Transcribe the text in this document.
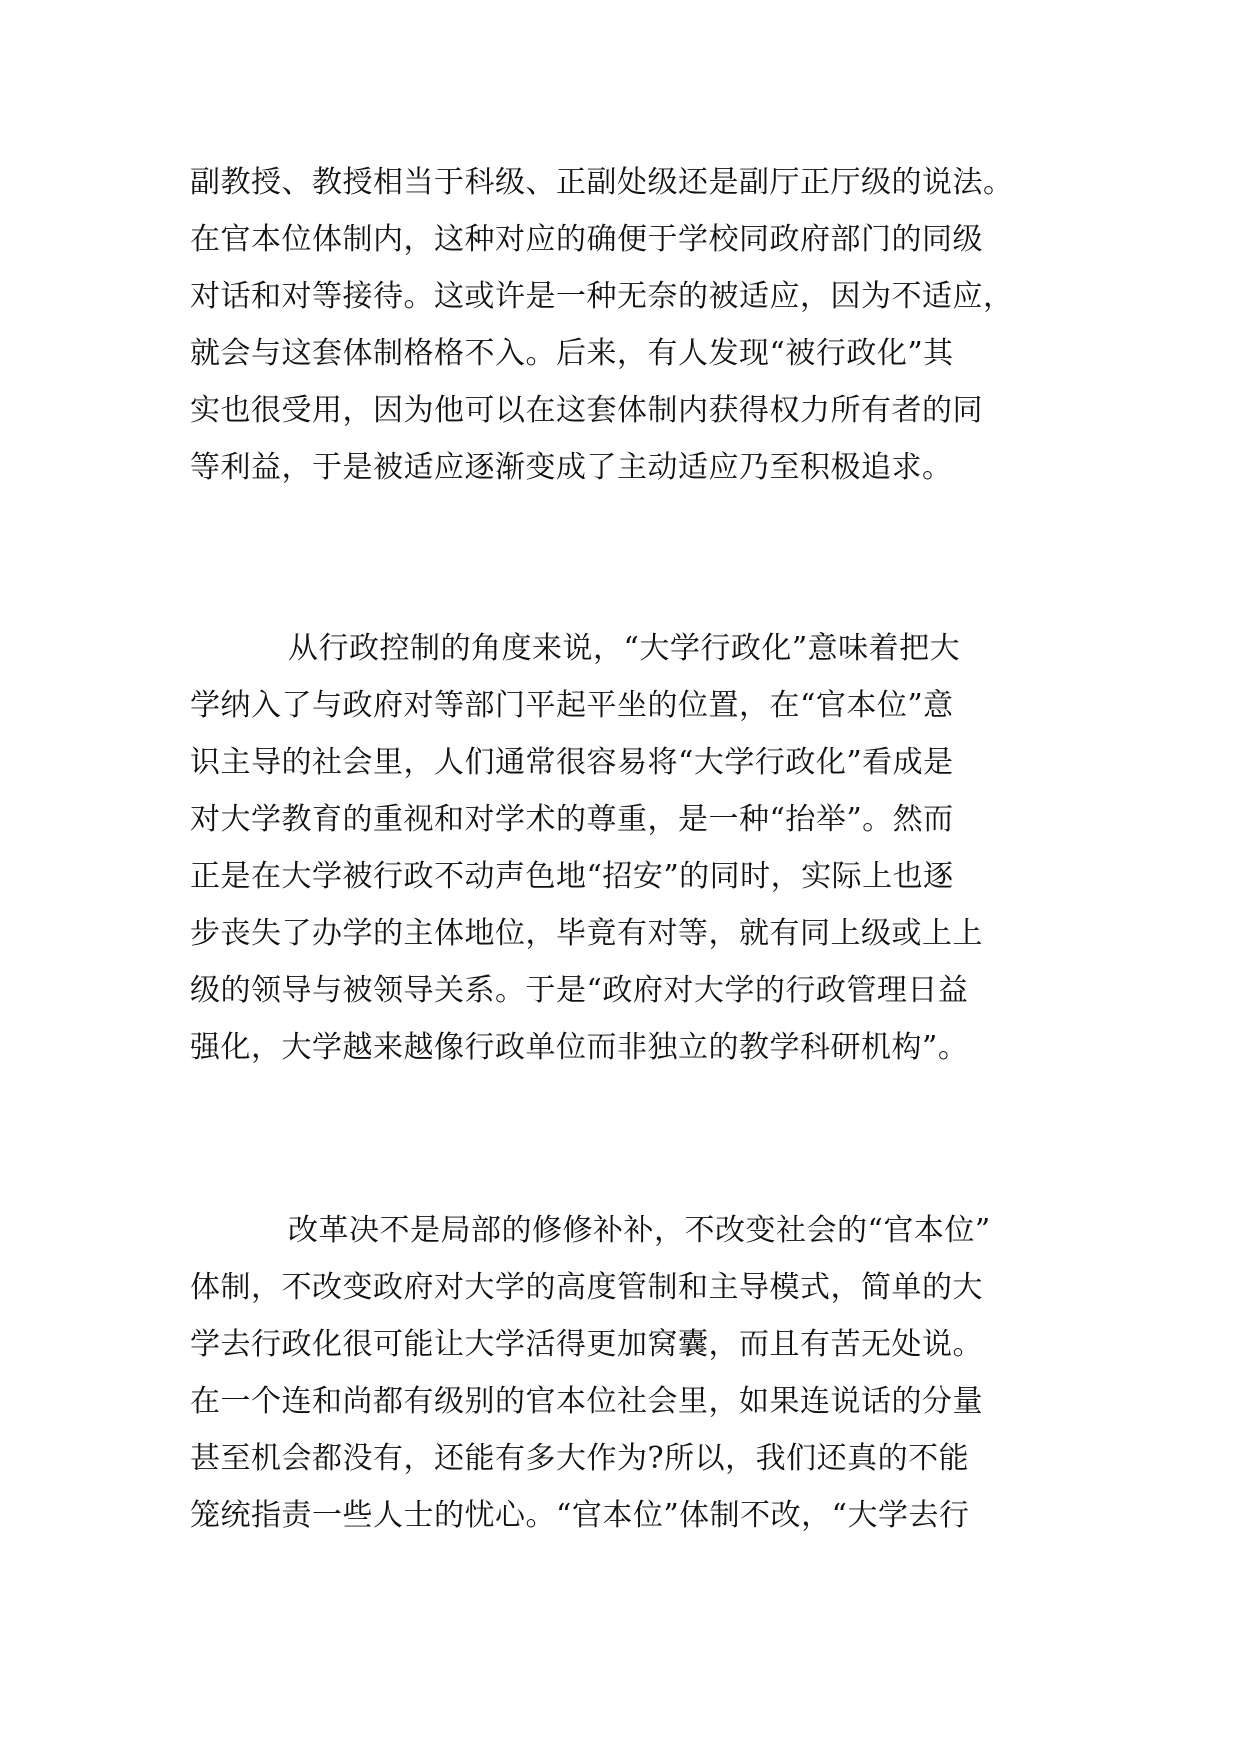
副教授、教授相当于科级、正副处级还是副厅正厅级的说法。
在官本位体制内，这种对应的确便于学校同政府部门的同级
对话和对等接待。这或许是一种无奈的被适应，因为不适应，
就会与这套体制格格不入。后来，有人发现“被行政化”其
实也很受用，因为他可以在这套体制内获得权力所有者的同
等利益，于是被适应逐渐变成了主动适应乃至积极追求。
从行政控制的角度来说，“大学行政化”意味着把大
学纳入了与政府对等部门平起平坐的位置，在“官本位”意
识主导的社会里，人们通常很容易将“大学行政化”看成是
对大学教育的重视和对学术的尊重，是一种“抬举”。然而
正是在大学被行政不动声色地“招安”的同时，实际上也逐
步丧失了办学的主体地位，毕竟有对等，就有同上级或上上
级的领导与被领导关系。于是“政府对大学的行政管理日益
强化，大学越来越像行政单位而非独立的教学科研机构”。
改革决不是局部的修修补补，不改变社会的“官本位”
体制，不改变政府对大学的高度管制和主导模式，简单的大
学去行政化很可能让大学活得更加窝囊，而且有苦无处说。
在一个连和尚都有级别的官本位社会里，如果连说话的分量
甚至机会都没有，还能有多大作为?所以，我们还真的不能
笼统指责一些人士的忧心。“官本位”体制不改，“大学去行
